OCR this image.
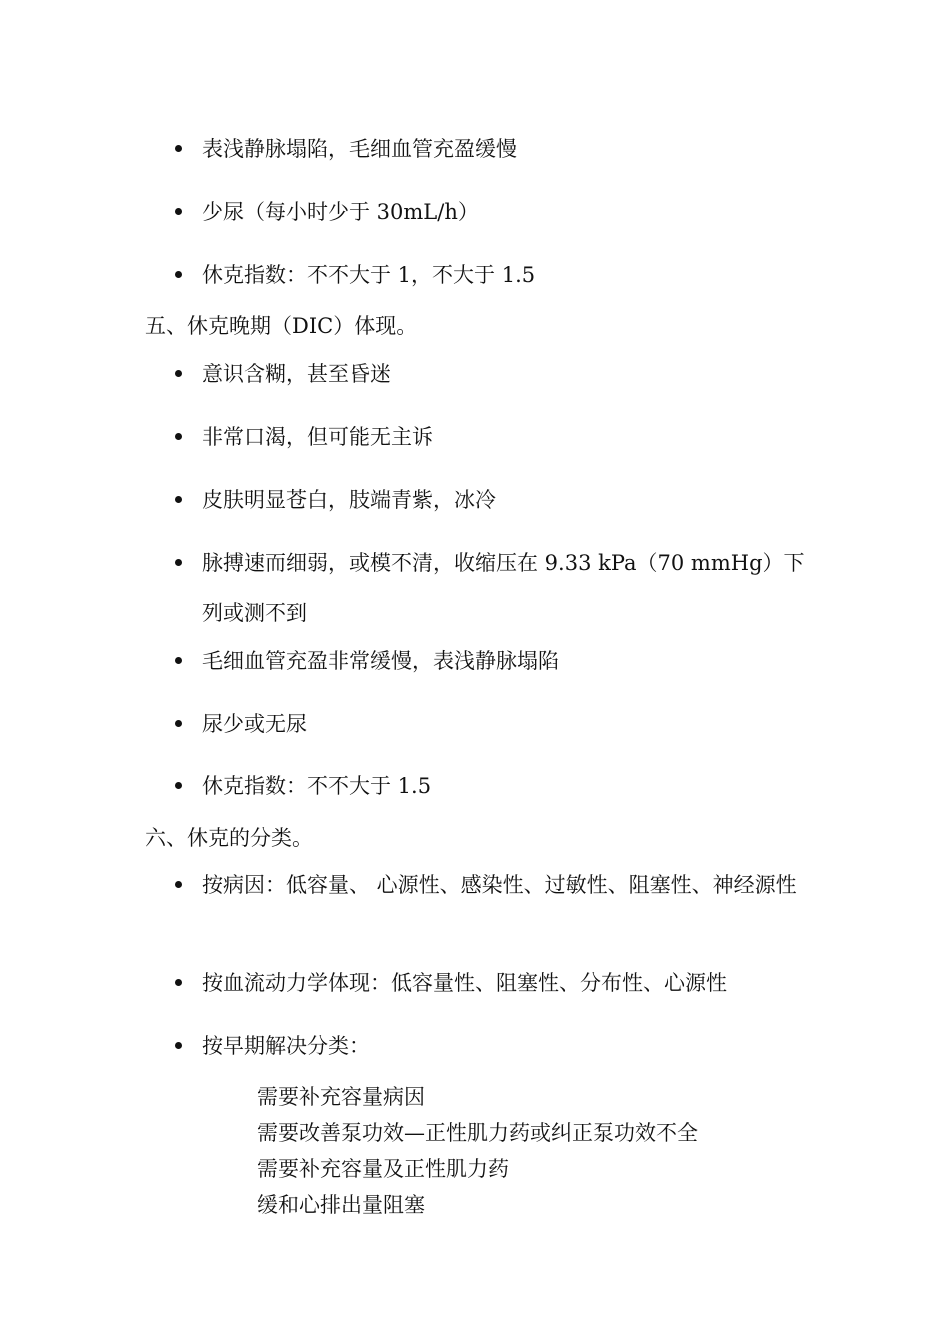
表浅静脉塌陷，毛细血管充盈缓慢
少尿（每小时少于 30mL/h）
休克指数：不不大于 1，不大于 1.5
五、休克晚期（DIC）体现。
意识含糊，甚至昏迷
非常口渴，但可能无主诉
皮肤明显苍白，肢端青紫，冰冷
脉搏速而细弱，或模不清，收缩压在 9.33 kPa（70 mmHg）下列或测不到
毛细血管充盈非常缓慢，表浅静脉塌陷
尿少或无尿
休克指数：不不大于 1.5
六、休克的分类。
按病因：低容量、 心源性、感染性、过敏性、阻塞性、神经源性
按血流动力学体现：低容量性、阻塞性、分布性、心源性
按早期解决分类：
需要补充容量病因
需要改善泵功效—正性肌力药或纠正泵功效不全
需要补充容量及正性肌力药
缓和心排出量阻塞
